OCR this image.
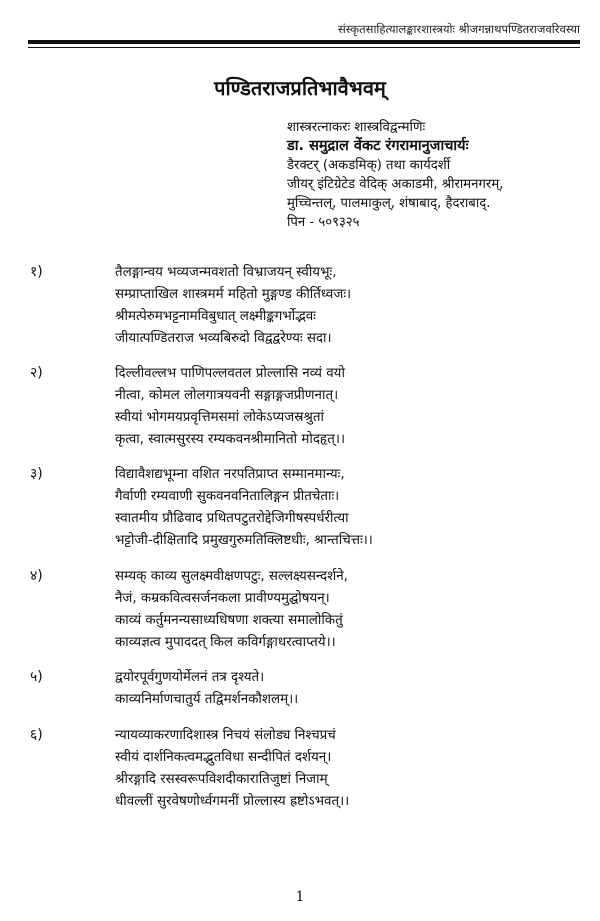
संस्कृतसाहित्यालङ्कारशास्त्रयोः श्रीजगन्नाथपण्डितराजवरिवस्या
पण्डितराजप्रतिभावैभवम्
शास्त्ररत्नाकरः शास्त्रविद्वन्मणिः
डा. समुद्राल वेंकट रंगरामानुजाचार्यः
डैरक्टर् (अकडमिक्) तथा कार्यदर्शी
जीयर् इंटिग्रेटेड वेदिक् अकाडमी, श्रीरामनगरम्,
मुच्चिन्तल्, पालमाकुल्, शंषाबाद्, हैदराबाद्.
पिन - ५०९३२५
१)	तैलङ्गान्वय भव्यजन्मवशतो विभ्राजयन् स्वीयभूः,
सम्प्राप्ताखिल शास्त्रमर्म महितो मुङ्गण्ड कीर्तिध्वजः।
श्रीमत्पेरुमभट्टनामविबुधात् लक्ष्मीङ्कगर्भोद्भवः
जीयात्पण्डितराज भव्यबिरुदो विद्वद्वरेण्यः सदा।
२)	दिल्लीवल्लभ पाणिपल्लवतल प्रोल्लासि नव्यं वयो
नीत्वा, कोमल लोलगात्रयवनी सङ्गाङ्गजप्रीणनात्।
स्वीयां भोगमयप्रवृत्तिमसमां लोकेऽप्यजस्रश्रुतां
कृत्वा, स्वात्मसुरस्य रम्यकवनश्रीमानितो मोदहृत्।।
३)	विद्यावैशद्यभूम्ना वशित नरपतिप्राप्त सम्मानमान्यः,
गैर्वाणी रम्यवाणी सुकवनवनितालिङ्गन प्रीतचेताः।
स्वातमीय प्रौढिवाद प्रथितपटुतरोद्देजिगीषस्पर्धरीत्या
भट्टोजी-दीक्षितादि प्रमुखगुरुमतिक्लिष्टधीः, श्रान्तचित्तः।।
४)	सम्यक् काव्य सुलक्ष्मवीक्षणपटुः, सल्लक्ष्यसन्दर्शने,
नैजं, कम्रकवित्वसर्जनकला प्रावीण्यमुद्घोषयन्।
काव्यं कर्तुमनन्यसाध्यधिषणा शक्त्या समालोकितुं
काव्यज्ञत्व मुपाददत् किल कविर्गङ्गाधरत्वाप्तये।।
५)	द्वयोरपूर्वगुणयोर्मेलनं तत्र दृश्यते।
काव्यनिर्माणचातुर्य तद्विमर्शनकौशलम्।।
६)	न्यायव्याकरणादिशास्त्र निचयं संलोड्य निश्चप्रचं
स्वीयं दार्शनिकत्वमद्भुतविधा सन्दीपितं दर्शयन्।
श्रीरङ्गादि रसस्वरूपविशदीकारातिजुष्टां निजाम्
धीवल्लीं सुरवेषणोर्ध्वगमनीं प्रोल्लास्य ह्रष्टोऽभवत्।।
1
